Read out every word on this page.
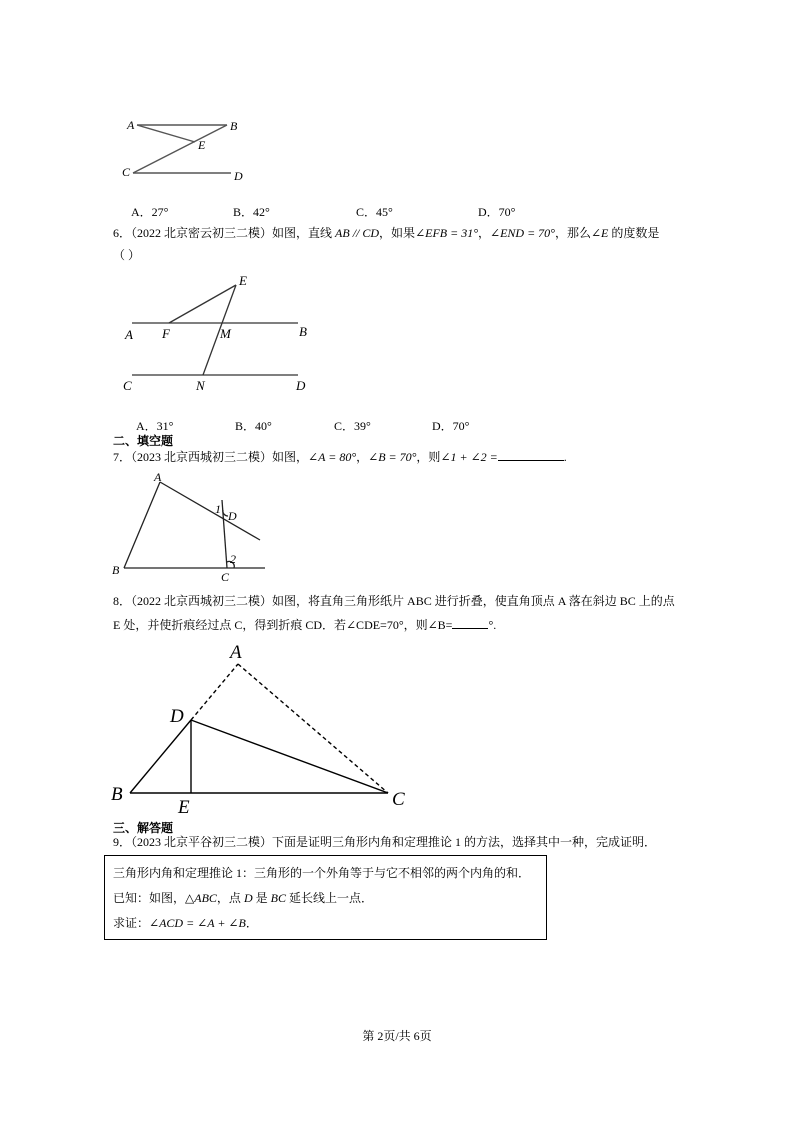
A	B
E
C	D
A．27°	B．42°	C．45°	D．70°
6．（2022 北京密云初三二模）如图，直线 AB // CD，如果∠EFB = 31°，∠END = 70°，那么∠E 的度数是
（ ）
E
A F	M	B
C	N	D
A．31°	B．40°	C．39°	D．70°
二、填空题
7．（2023 北京西城初三二模）如图，∠A = 80°，∠B = 70°，则∠1 + ∠2 =	.
A
1 D
2
B	C
8．（2022 北京西城初三二模）如图，将直角三角形纸片 ABC 进行折叠，使直角顶点 A 落在斜边 BC 上的点
E 处，并使折痕经过点 C，得到折痕 CD．若∠CDE=70°，则∠B=	°.
A
D
B
E	C
三、解答题
9．（2023 北京平谷初三二模）下面是证明三角形内角和定理推论 1 的方法，选择其中一种，完成证明．
三角形内角和定理推论 1：三角形的一个外角等于与它不相邻的两个内角的和．
已知：如图，△ABC，点 D 是 BC 延长线上一点．
求证：∠ACD = ∠A + ∠B．
第 2页/共 6页
